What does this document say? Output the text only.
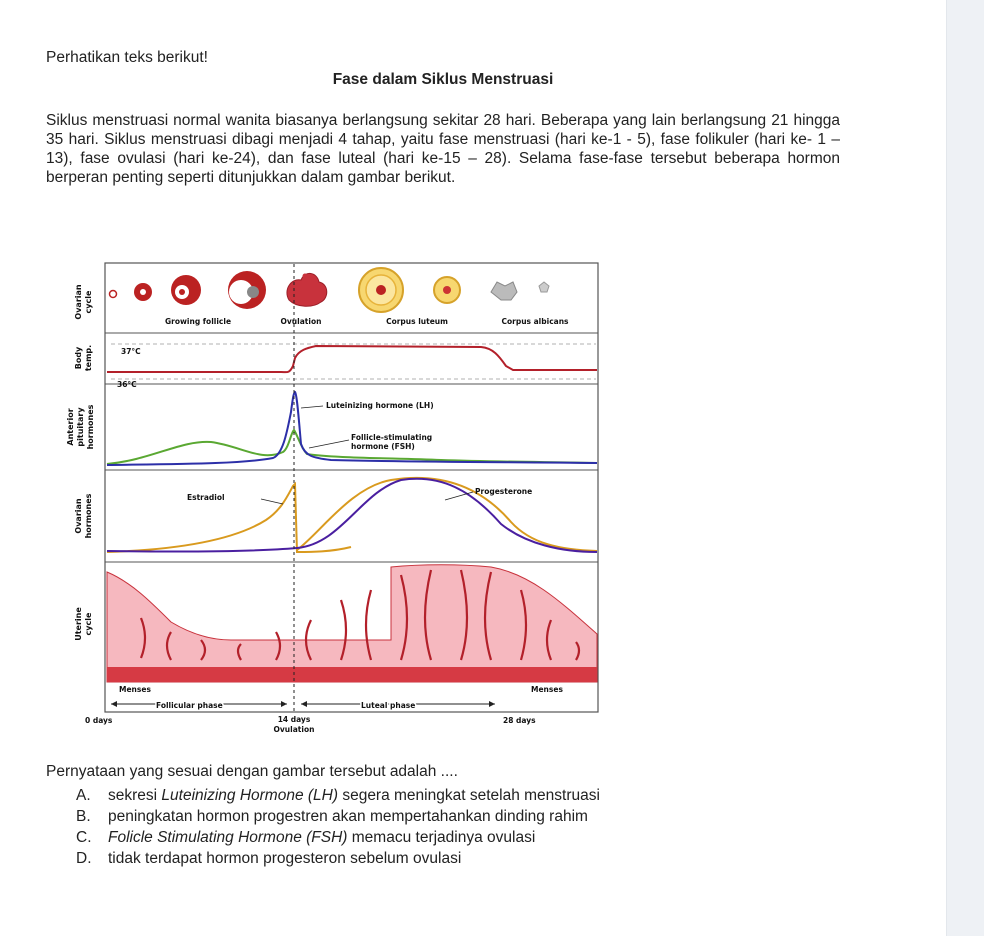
Perhatikan teks berikut!

Fase dalam Siklus Menstruasi

Siklus menstruasi normal wanita biasanya berlangsung sekitar 28 hari. Beberapa yang lain berlangsung 21 hingga 35 hari. Siklus menstruasi dibagi menjadi 4 tahap, yaitu fase menstruasi (hari ke-1 - 5), fase folikuler (hari ke- 1 – 13), fase ovulasi (hari ke-24), dan fase luteal (hari ke-15 – 28). Selama fase-fase tersebut beberapa hormon berperan penting seperti ditunjukkan dalam gambar berikut.

Ovarian cycle
Body temp.
Anterior pituitary hormones
Ovarian hormones
Uterine cycle
Growing follicle	Ovulation	Corpus luteum	Corpus albicans
37°C
36°C
Luteinizing hormone (LH)
Follicle-stimulating
hormone (FSH)
Estradiol
Progesterone
Menses	Menses
Follicular phase	Luteal phase
0 days	14 days
Ovulation
28 days

Pernyataan yang sesuai dengan gambar tersebut adalah ....

A.	sekresi Luteinizing Hormone (LH) segera meningkat setelah menstruasi
B.	peningkatan hormon progestren akan mempertahankan dinding rahim
C.	Folicle Stimulating Hormone (FSH) memacu terjadinya ovulasi
D.	tidak terdapat hormon progesteron sebelum ovulasi
